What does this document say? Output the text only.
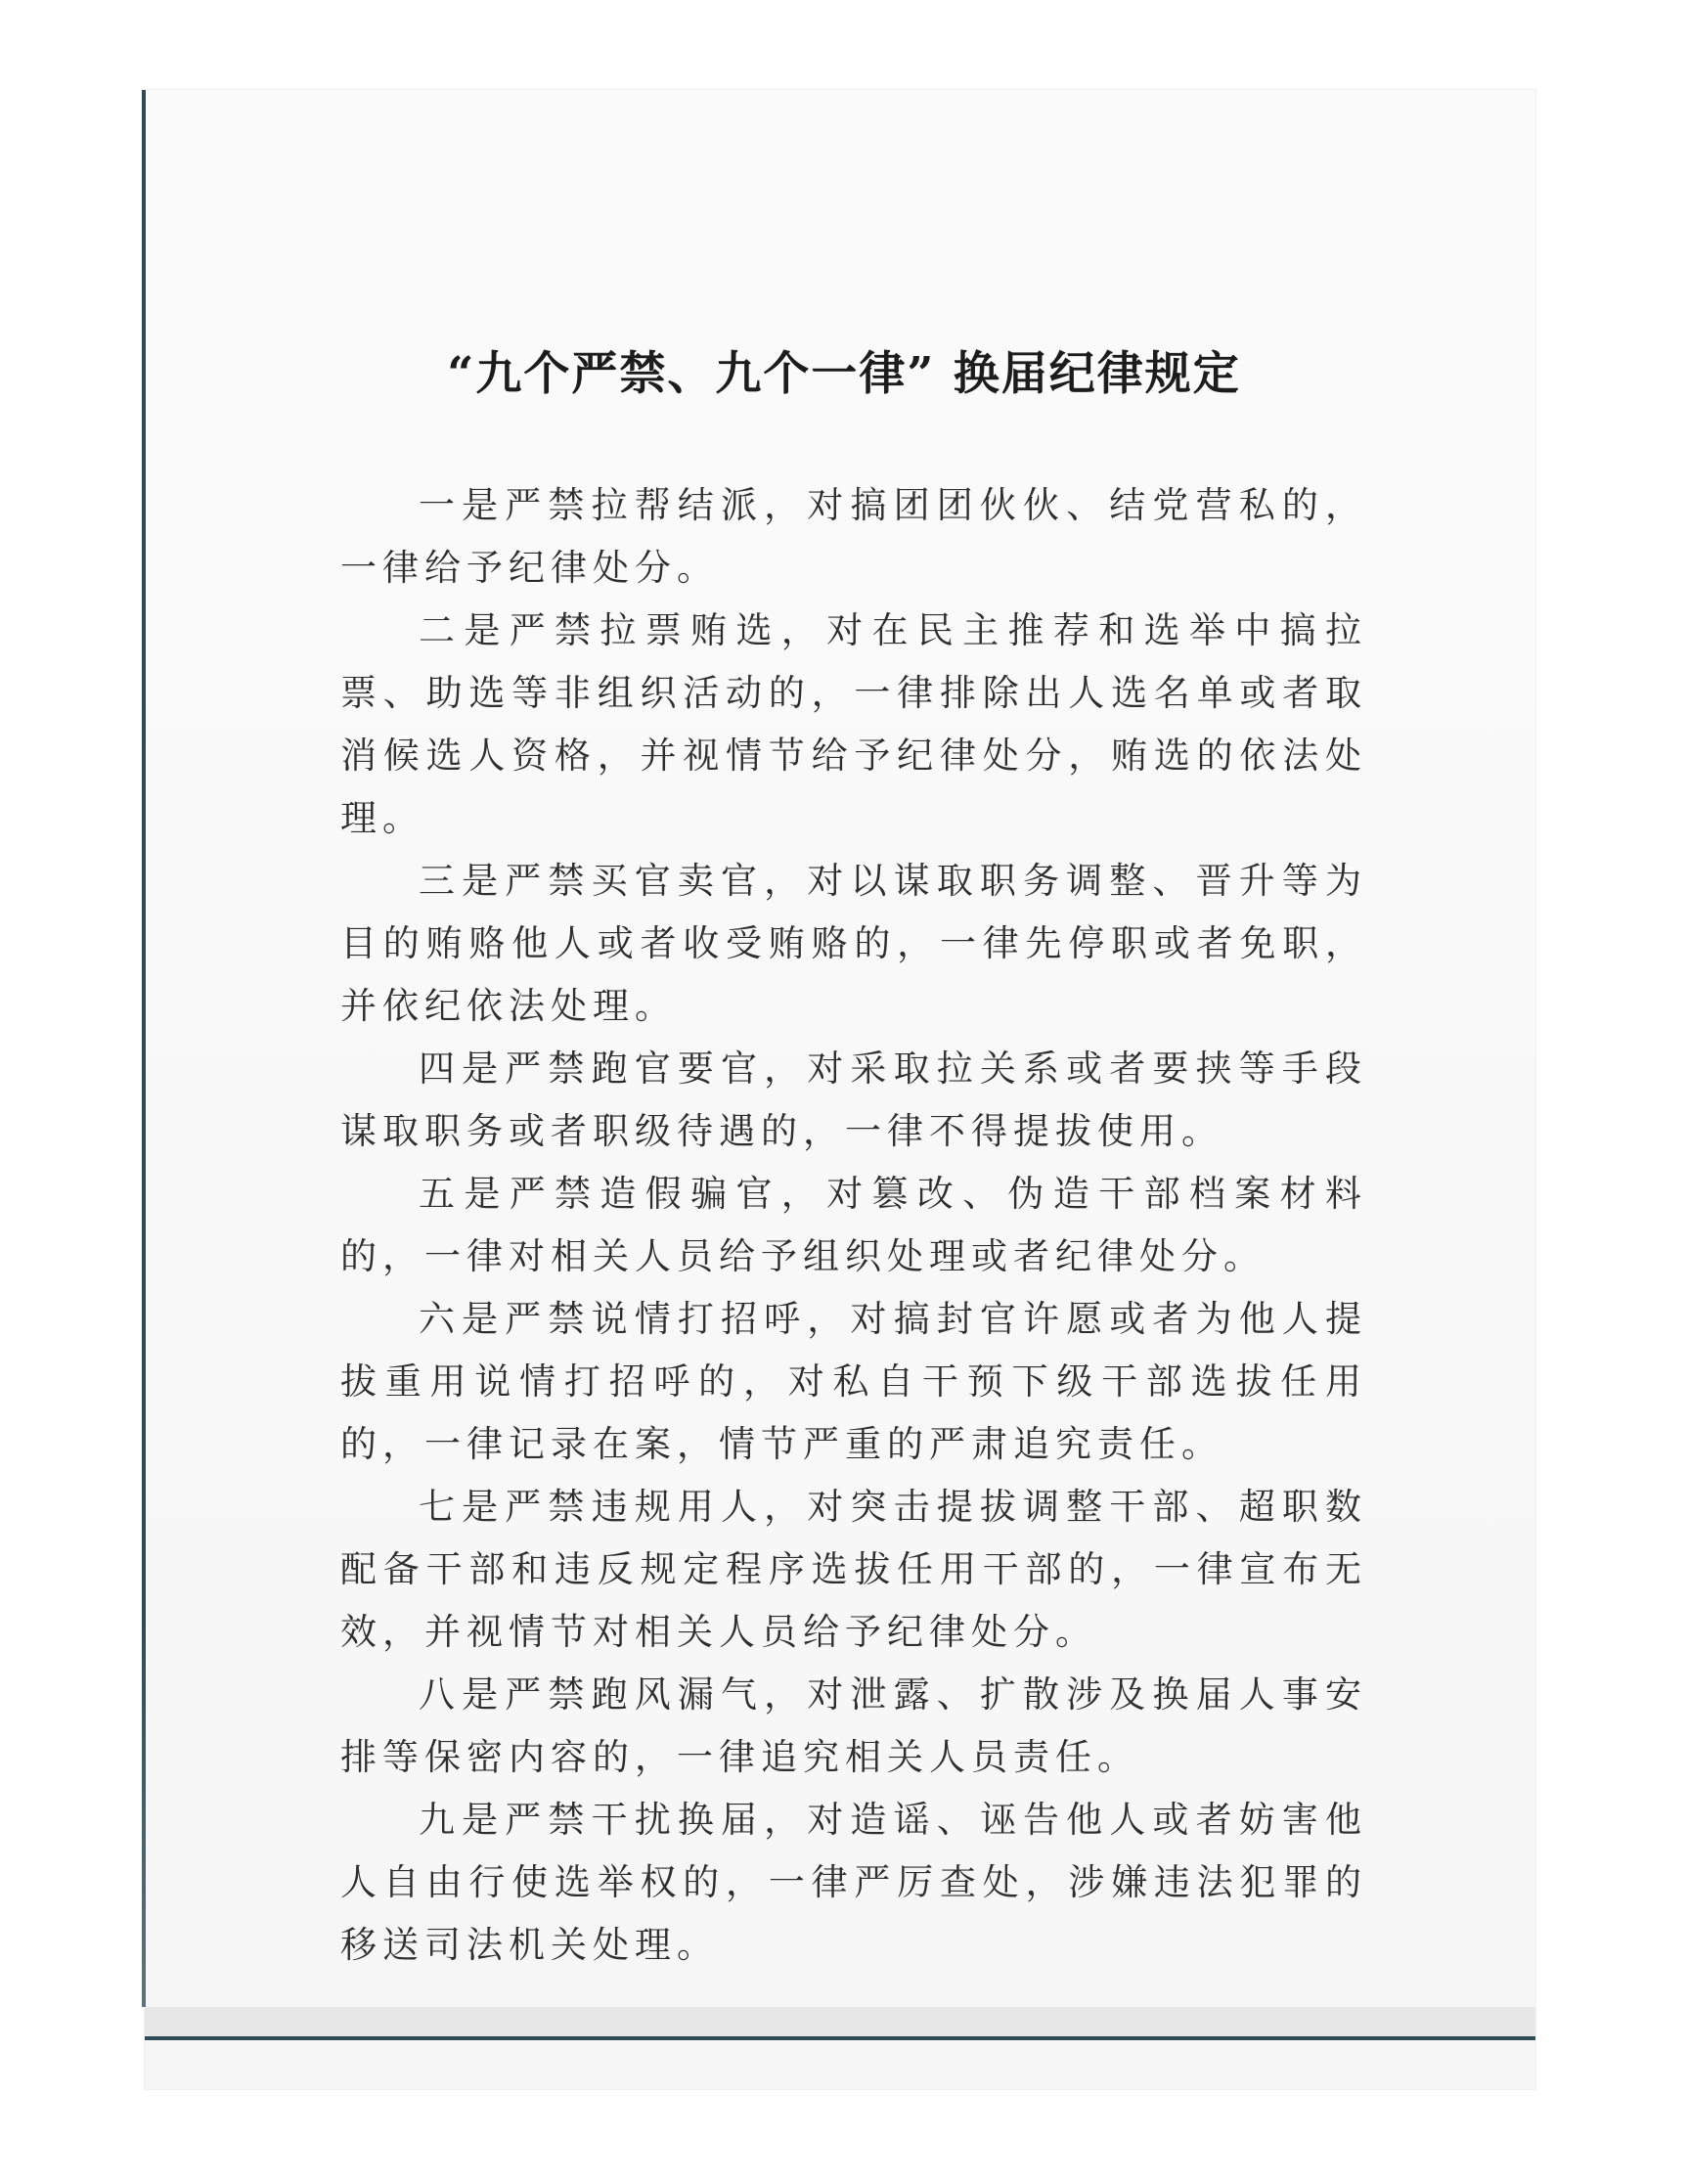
“九个严禁、九个一律” 换届纪律规定

一是严禁拉帮结派，对搞团团伙伙、结党营私的，一律给予纪律处分。

二是严禁拉票贿选，对在民主推荐和选举中搞拉票、助选等非组织活动的，一律排除出人选名单或者取消候选人资格，并视情节给予纪律处分，贿选的依法处理。

三是严禁买官卖官，对以谋取职务调整、晋升等为目的贿赂他人或者收受贿赂的，一律先停职或者免职，并依纪依法处理。

四是严禁跑官要官，对采取拉关系或者要挟等手段谋取职务或者职级待遇的，一律不得提拔使用。

五是严禁造假骗官，对篡改、伪造干部档案材料的，一律对相关人员给予组织处理或者纪律处分。

六是严禁说情打招呼，对搞封官许愿或者为他人提拔重用说情打招呼的，对私自干预下级干部选拔任用的，一律记录在案，情节严重的严肃追究责任。

七是严禁违规用人，对突击提拔调整干部、超职数配备干部和违反规定程序选拔任用干部的，一律宣布无效，并视情节对相关人员给予纪律处分。

八是严禁跑风漏气，对泄露、扩散涉及换届人事安排等保密内容的，一律追究相关人员责任。

九是严禁干扰换届，对造谣、诬告他人或者妨害他人自由行使选举权的，一律严厉查处，涉嫌违法犯罪的移送司法机关处理。
